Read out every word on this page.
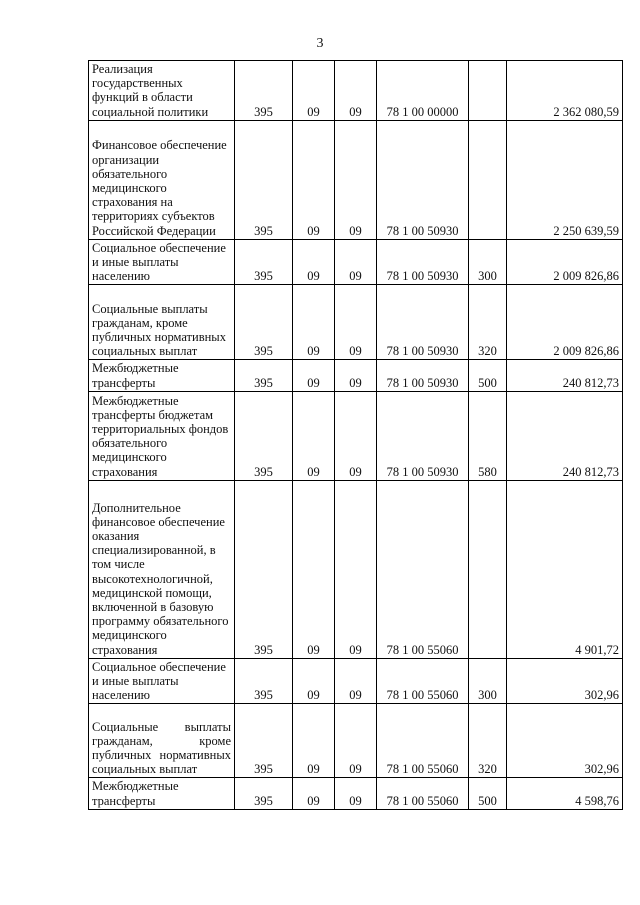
3
Реализация государственных функций в области социальной политики	395	09	09	78 1 00 00000		2 362 080,59
Финансовое обеспечение организации обязательного медицинского страхования на территориях субъектов Российской Федерации	395	09	09	78 1 00 50930		2 250 639,59
Социальное обеспечение и иные выплаты населению	395	09	09	78 1 00 50930	300	2 009 826,86
Социальные выплаты гражданам, кроме публичных нормативных социальных выплат	395	09	09	78 1 00 50930	320	2 009 826,86
Межбюджетные трансферты	395	09	09	78 1 00 50930	500	240 812,73
Межбюджетные трансферты бюджетам территориальных фондов обязательного медицинского страхования	395	09	09	78 1 00 50930	580	240 812,73
Дополнительное финансовое обеспечение оказания специализированной, в том числе высокотехнологичной, медицинской помощи, включенной в базовую программу обязательного медицинского страхования	395	09	09	78 1 00 55060		4 901,72
Социальное обеспечение и иные выплаты населению	395	09	09	78 1 00 55060	300	302,96
Социальные выплаты гражданам, кроме публичных нормативных социальных выплат	395	09	09	78 1 00 55060	320	302,96
Межбюджетные трансферты	395	09	09	78 1 00 55060	500	4 598,76
